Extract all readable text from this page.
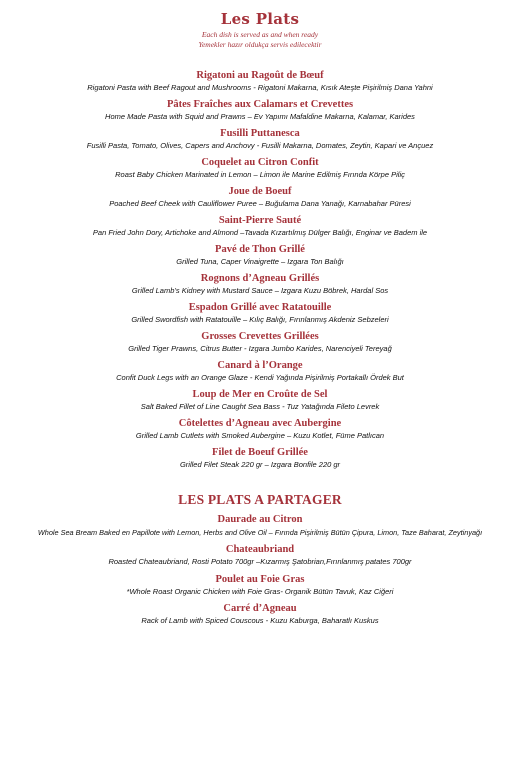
Les Plats
Each dish is served as and when ready
Yemekler hazır oldukça servis edilecektir
Rigatoni au Ragoût de Bœuf
Rigatoni Pasta with Beef Ragout and Mushrooms - Rigatoni Makarna, Kısık Ateşte Pişirilmiş Dana Yahni
Pâtes Fraîches aux Calamars et Crevettes
Home Made Pasta with Squid and Prawns – Ev Yapımı Mafaldine Makarna, Kalamar, Karides
Fusilli Puttanesca
Fusilli Pasta, Tomato, Olives, Capers and Anchovy - Fusilli Makarna, Domates, Zeytin, Kapari ve Ançuez
Coquelet au Citron Confit
Roast Baby Chicken Marinated in Lemon – Limon ile Marine Edilmiş Fırında Körpe Piliç
Joue de Boeuf
Poached Beef Cheek with Cauliflower Puree – Buğulama Dana Yanağı, Karnabahar Püresi
Saint-Pierre Sauté
Pan Fried John Dory, Artichoke and Almond –Tavada Kızartılmış Dülger Balığı, Enginar ve Badem ile
Pavé de Thon Grillé
Grilled Tuna, Caper Vinaigrette – Izgara Ton Balığı
Rognons d’Agneau Grillés
Grilled Lamb’s Kidney with Mustard Sauce – Izgara Kuzu Böbrek, Hardal Sos
Espadon Grillé avec Ratatouille
Grilled Swordfish with Ratatouille – Kılıç Balığı, Fırınlanmış Akdeniz Sebzeleri
Grosses Crevettes Grillées
Grilled Tiger Prawns, Citrus Butter - Izgara Jumbo Karides, Narenciyeli Tereyağ
Canard à l’Orange
Confit Duck Legs with an Orange Glaze - Kendi Yağında Pişirilmiş Portakallı Ördek But
Loup de Mer en Croûte de Sel
Salt Baked Fillet of Line Caught Sea Bass - Tuz Yatağında Fileto Levrek
Côtelettes d’Agneau avec Aubergine
Grilled Lamb Cutlets with Smoked Aubergine – Kuzu Kotlet, Füme Patlıcan
Filet de Boeuf Grillée
Grilled Filet Steak 220 gr – Izgara Bonfile 220 gr
LES PLATS A PARTAGER
Daurade au Citron
Whole Sea Bream Baked en Papillote with Lemon, Herbs and Olive Oil – Fırında Pişirilmiş Bütün Çipura, Limon, Taze Baharat, Zeytinyağı
Chateaubriand
Roasted Chateaubriand, Rosti Potato 700gr –Kızarmış Şatobrian,Fırınlanmış patates 700gr
Poulet au Foie Gras
*Whole Roast Organic Chicken with Foie Gras- Organik Bütün Tavuk, Kaz Ciğeri
Carré d’Agneau
Rack of Lamb with Spiced Couscous - Kuzu Kaburga, Baharatlı Kuskus
